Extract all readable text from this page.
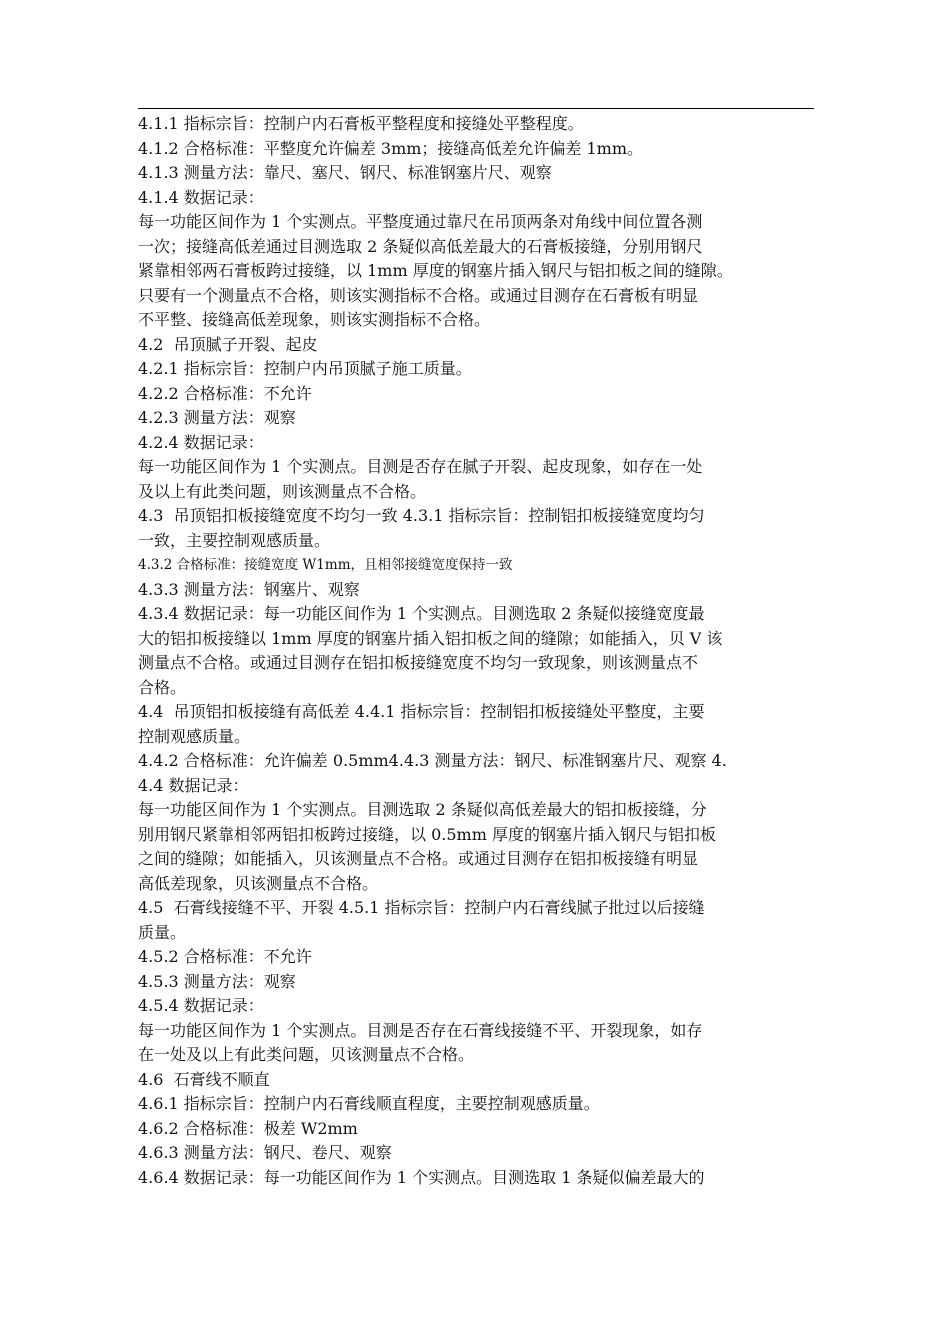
4.1.1 指标宗旨：控制户内石膏板平整程度和接缝处平整程度。
4.1.2 合格标准：平整度允许偏差 3mm；接缝高低差允许偏差 1mm。
4.1.3 测量方法：靠尺、塞尺、钢尺、标准钢塞片尺、观察
4.1.4 数据记录：
每一功能区间作为 1 个实测点。平整度通过靠尺在吊顶两条对角线中间位置各测
一次；接缝高低差通过目测选取 2 条疑似高低差最大的石膏板接缝，分别用钢尺
紧靠相邻两石膏板跨过接缝，以 1mm 厚度的钢塞片插入钢尺与铝扣板之间的缝隙。
只要有一个测量点不合格，则该实测指标不合格。或通过目测存在石膏板有明显
不平整、接缝高低差现象，则该实测指标不合格。
4.2  吊顶腻子开裂、起皮
4.2.1 指标宗旨：控制户内吊顶腻子施工质量。
4.2.2 合格标准：不允许
4.2.3 测量方法：观察
4.2.4 数据记录：
每一功能区间作为 1 个实测点。目测是否存在腻子开裂、起皮现象，如存在一处
及以上有此类问题，则该测量点不合格。
4.3  吊顶铝扣板接缝宽度不均匀一致 4.3.1 指标宗旨：控制铝扣板接缝宽度均匀
一致，主要控制观感质量。
4.3.2 合格标准：接缝宽度 W1mm，且相邻接缝宽度保持一致
4.3.3 测量方法：钢塞片、观察
4.3.4 数据记录：每一功能区间作为 1 个实测点。目测选取 2 条疑似接缝宽度最
大的铝扣板接缝以 1mm 厚度的钢塞片插入铝扣板之间的缝隙；如能插入，贝 V 该
测量点不合格。或通过目测存在铝扣板接缝宽度不均匀一致现象，则该测量点不
合格。
4.4  吊顶铝扣板接缝有高低差 4.4.1 指标宗旨：控制铝扣板接缝处平整度，主要
控制观感质量。
4.4.2 合格标准：允许偏差 0.5mm4.4.3 测量方法：钢尺、标准钢塞片尺、观察 4.
4.4 数据记录：
每一功能区间作为 1 个实测点。目测选取 2 条疑似高低差最大的铝扣板接缝，分
别用钢尺紧靠相邻两铝扣板跨过接缝，以 0.5mm 厚度的钢塞片插入钢尺与铝扣板
之间的缝隙；如能插入，贝该测量点不合格。或通过目测存在铝扣板接缝有明显
高低差现象，贝该测量点不合格。
4.5  石膏线接缝不平、开裂 4.5.1 指标宗旨：控制户内石膏线腻子批过以后接缝
质量。
4.5.2 合格标准：不允许
4.5.3 测量方法：观察
4.5.4 数据记录：
每一功能区间作为 1 个实测点。目测是否存在石膏线接缝不平、开裂现象，如存
在一处及以上有此类问题，贝该测量点不合格。
4.6  石膏线不顺直
4.6.1 指标宗旨：控制户内石膏线顺直程度，主要控制观感质量。
4.6.2 合格标准：极差 W2mm
4.6.3 测量方法：钢尺、卷尺、观察
4.6.4 数据记录：每一功能区间作为 1 个实测点。目测选取 1 条疑似偏差最大的
